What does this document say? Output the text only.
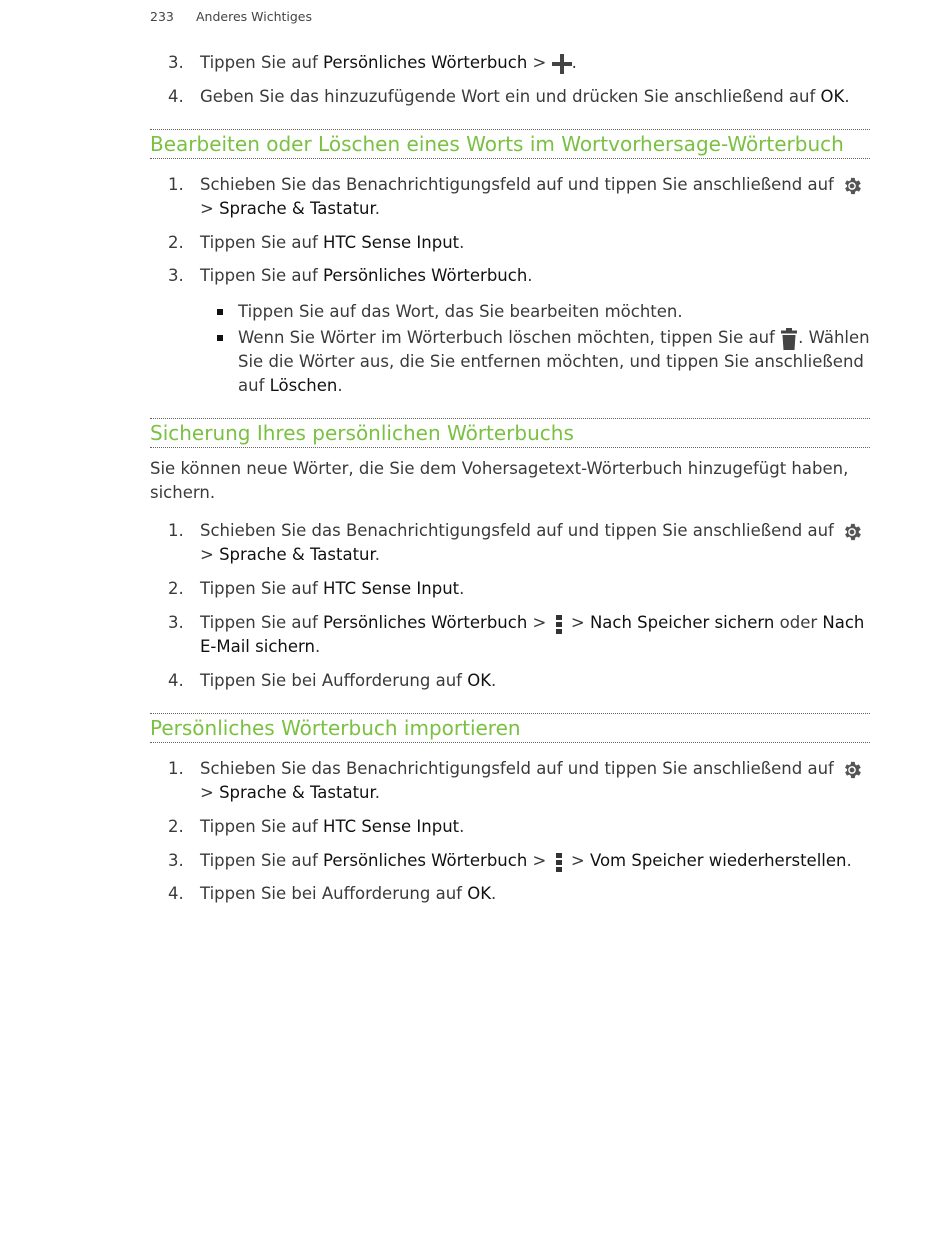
233 Anderes Wichtiges
3. Tippen Sie auf Persönliches Wörterbuch > .
4. Geben Sie das hinzuzufügende Wort ein und drücken Sie anschließend auf OK.
Bearbeiten oder Löschen eines Worts im Wortvorhersage-Wörterbuch
1. Schieben Sie das Benachrichtigungsfeld auf und tippen Sie anschließend auf
> Sprache & Tastatur.
2. Tippen Sie auf HTC Sense Input.
3. Tippen Sie auf Persönliches Wörterbuch.
Tippen Sie auf das Wort, das Sie bearbeiten möchten.
Wenn Sie Wörter im Wörterbuch löschen möchten, tippen Sie auf . Wählen Sie die Wörter aus, die Sie entfernen möchten, und tippen Sie anschließend auf Löschen.
Sicherung Ihres persönlichen Wörterbuchs
Sie können neue Wörter, die Sie dem Vohersagetext-Wörterbuch hinzugefügt haben, sichern.
1. Schieben Sie das Benachrichtigungsfeld auf und tippen Sie anschließend auf
> Sprache & Tastatur.
2. Tippen Sie auf HTC Sense Input.
3. Tippen Sie auf Persönliches Wörterbuch >
> Nach Speicher sichern oder Nach E-Mail sichern.
4. Tippen Sie bei Aufforderung auf OK.
Persönliches Wörterbuch importieren
1. Schieben Sie das Benachrichtigungsfeld auf und tippen Sie anschließend auf
> Sprache & Tastatur.
2. Tippen Sie auf HTC Sense Input.
3. Tippen Sie auf Persönliches Wörterbuch >
> Vom Speicher wiederherstellen.
4. Tippen Sie bei Aufforderung auf OK.
